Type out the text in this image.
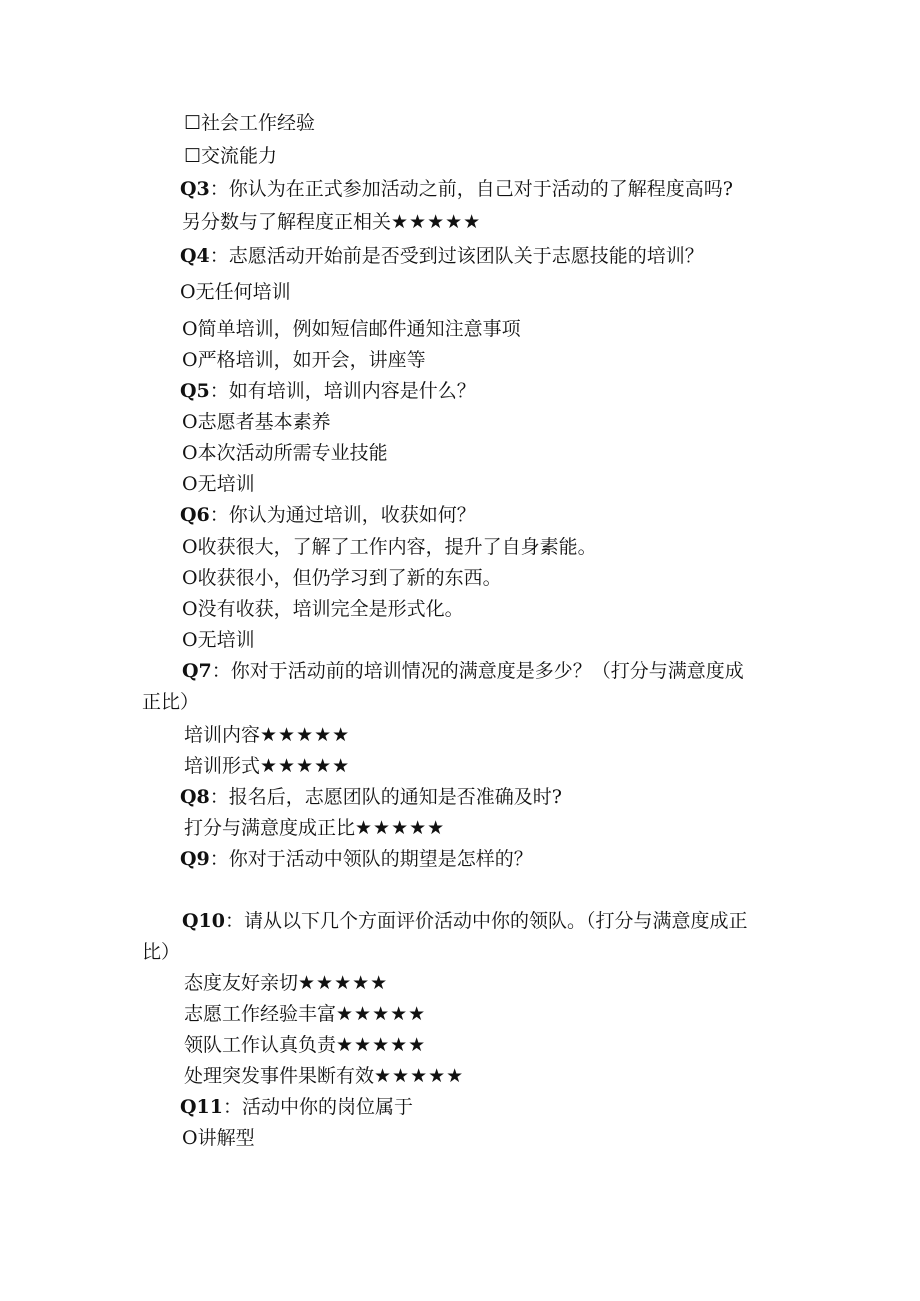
☐社会工作经验
☐交流能力
Q3：你认为在正式参加活动之前，自己对于活动的了解程度高吗?
另分数与了解程度正相关★★★★★
Q4：志愿活动开始前是否受到过该团队关于志愿技能的培训？
O无任何培训
O简单培训，例如短信邮件通知注意事项
O严格培训，如开会，讲座等
Q5：如有培训，培训内容是什么？
O志愿者基本素养
O本次活动所需专业技能
O无培训
Q6：你认为通过培训，收获如何？
O收获很大，了解了工作内容，提升了自身素能。
O收获很小，但仍学习到了新的东西。
O没有收获，培训完全是形式化。
O无培训
Q7：你对于活动前的培训情况的满意度是多少？（打分与满意度成
正比）
培训内容★★★★★
培训形式★★★★★
Q8：报名后，志愿团队的通知是否准确及时?
打分与满意度成正比★★★★★
Q9：你对于活动中领队的期望是怎样的？
Q10：请从以下几个方面评价活动中你的领队。（打分与满意度成正
比）
态度友好亲切★★★★★
志愿工作经验丰富★★★★★
领队工作认真负责★★★★★
处理突发事件果断有效★★★★★
Q11：活动中你的岗位属于
O讲解型
